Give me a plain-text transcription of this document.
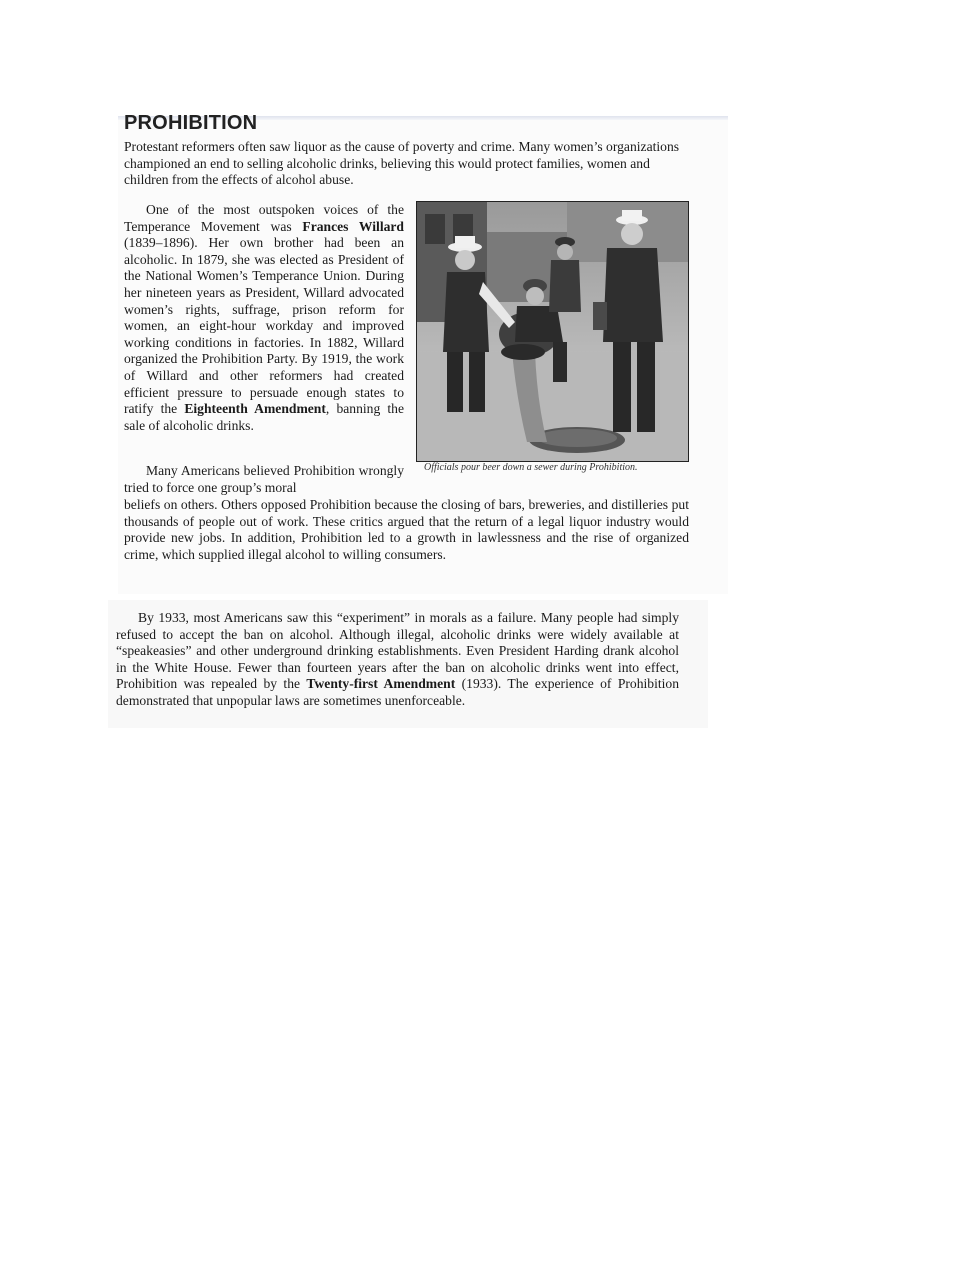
PROHIBITION

Protestant reformers often saw liquor as the cause of poverty and crime. Many women’s organizations championed an end to selling alcoholic drinks, believing this would protect families, women and children from the effects of alcohol abuse.

One of the most outspoken voices of the Temperance Movement was Frances Willard (1839–1896). Her own brother had been an alcoholic. In 1879, she was elected as President of the National Women’s Temperance Union. During her nineteen years as President, Willard advocated women’s rights, suffrage, prison reform for women, an eight-hour workday and improved working conditions in factories. In 1882, Willard organized the Prohibition Party. By 1919, the work of Willard and other reformers had created efficient pressure to persuade enough states to ratify the Eighteenth Amendment, banning the sale of alcoholic drinks.

Officials pour beer down a sewer during Prohibition.

Many Americans believed Prohibition wrongly tried to force one group’s moral

beliefs on others. Others opposed Prohibition because the closing of bars, breweries, and distilleries put thousands of people out of work. These critics argued that the return of a legal liquor industry would provide new jobs. In addition, Prohibition led to a growth in lawlessness and the rise of organized crime, which supplied illegal alcohol to willing consumers.

By 1933, most Americans saw this “experiment” in morals as a failure. Many people had simply refused to accept the ban on alcohol. Although illegal, alcoholic drinks were widely available at “speakeasies” and other underground drinking establishments. Even President Harding drank alcohol in the White House. Fewer than fourteen years after the ban on alcoholic drinks went into effect, Prohibition was repealed by the Twenty-first Amendment (1933). The experience of Prohibition demonstrated that unpopular laws are sometimes unenforceable.
